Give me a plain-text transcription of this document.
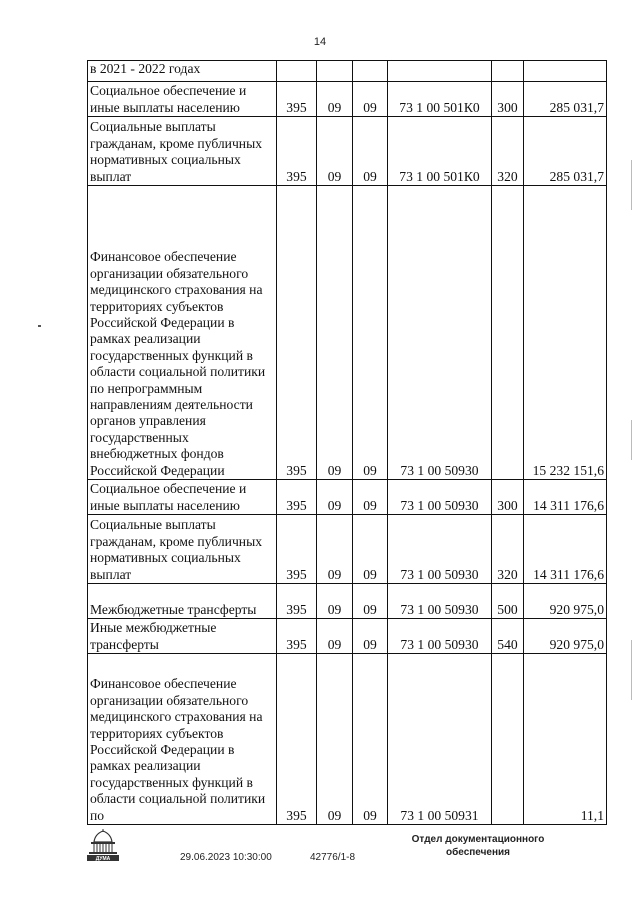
14
в 2021 - 2022 годах						
Социальное обеспечение и иные выплаты населению	395	09	09	73 1 00 501К0	300	285 031,7
Социальные выплаты гражданам, кроме публичных нормативных социальных выплат	395	09	09	73 1 00 501К0	320	285 031,7
Финансовое обеспечение организации обязательного медицинского страхования на территориях субъектов Российской Федерации в рамках реализации государственных функций в области социальной политики по непрограммным направлениям деятельности органов управления государственных внебюджетных фондов Российской Федерации	395	09	09	73 1 00 50930		15 232 151,6
Социальное обеспечение и иные выплаты населению	395	09	09	73 1 00 50930	300	14 311 176,6
Социальные выплаты гражданам, кроме публичных нормативных социальных выплат	395	09	09	73 1 00 50930	320	14 311 176,6
Межбюджетные трансферты	395	09	09	73 1 00 50930	500	920 975,0
Иные межбюджетные трансферты	395	09	09	73 1 00 50930	540	920 975,0
Финансовое обеспечение организации обязательного медицинского страхования на территориях субъектов Российской Федерации в рамках реализации государственных функций в области социальной политики по	395	09	09	73 1 00 50931		11,1
ДУМА
Отдел документационного обеспечения
29.06.2023 10:30:00	42776/1-8
